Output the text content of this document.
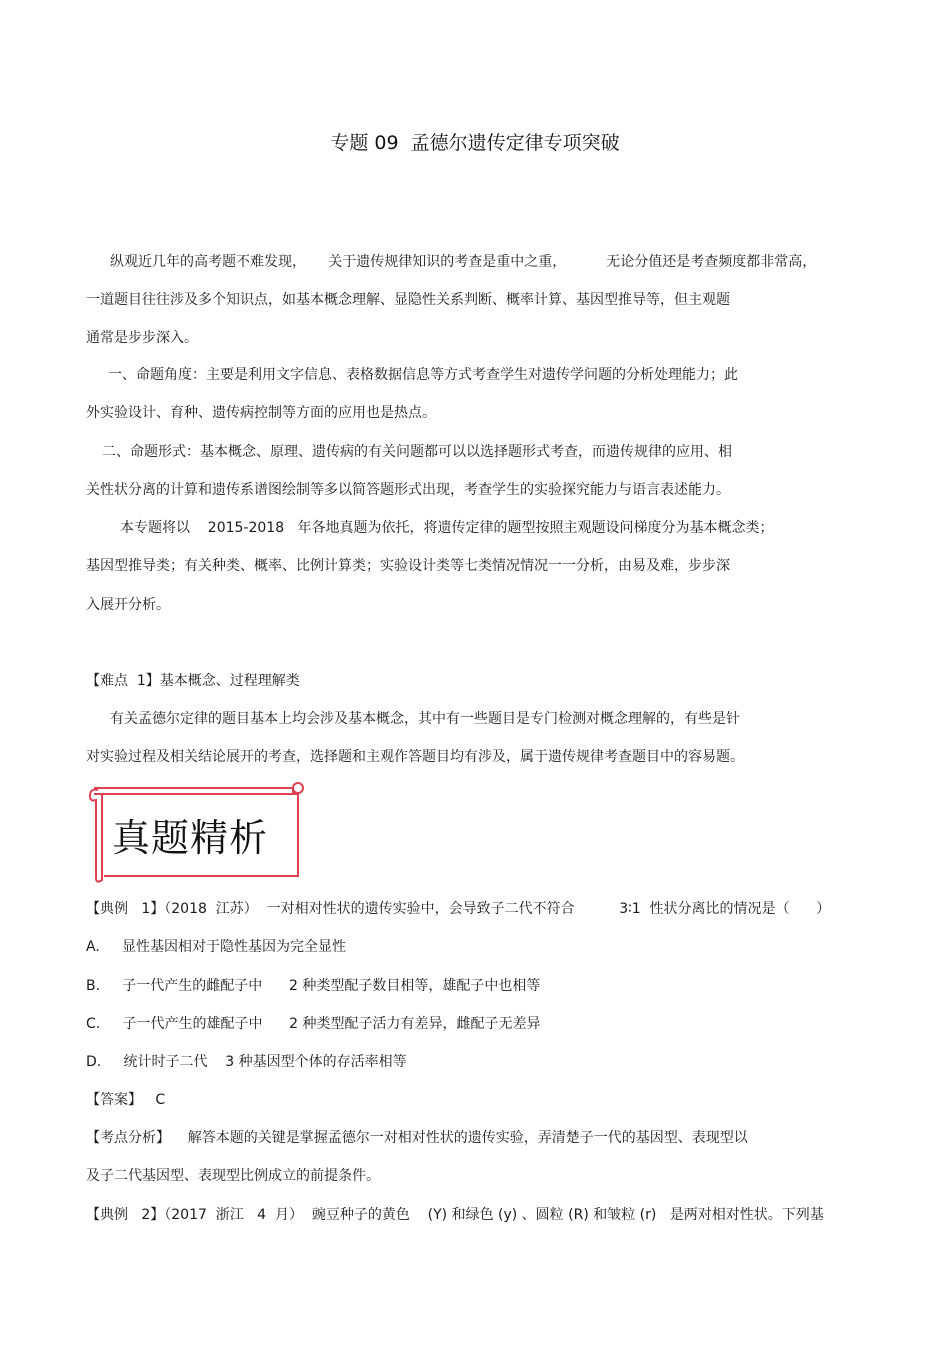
专题 09  孟德尔遗传定律专项突破
纵观近几年的高考题不难发现，     关于遗传规律知识的考查是重中之重，         无论分值还是考查频度都非常高，
一道题目往往涉及多个知识点，如基本概念理解、显隐性关系判断、概率计算、基因型推导等，但主观题
通常是步步深入。
一、命题角度：主要是利用文字信息、表格数据信息等方式考查学生对遗传学问题的分析处理能力；此
外实验设计、育种、遗传病控制等方面的应用也是热点。
二、命题形式：基本概念、原理、遗传病的有关问题都可以以选择题形式考查，而遗传规律的应用、相
关性状分离的计算和遗传系谱图绘制等多以简答题形式出现，考查学生的实验探究能力与语言表述能力。
本专题将以    2015-2018   年各地真题为依托，将遗传定律的题型按照主观题设问梯度分为基本概念类；
基因型推导类；有关种类、概率、比例计算类；实验设计类等七类情况情况一一分析，由易及难，步步深
入展开分析。
【难点  1】基本概念、过程理解类
有关孟德尔定律的题目基本上均会涉及基本概念，其中有一些题目是专门检测对概念理解的，有些是针
对实验过程及相关结论展开的考查，选择题和主观作答题目均有涉及，属于遗传规律考查题目中的容易题。
真题精析
【典例   1】（2018  江苏）  一对相对性状的遗传实验中，会导致子二代不符合          3∶1  性状分离比的情况是（      ）
A.     显性基因相对于隐性基因为完全显性
B.     子一代产生的雌配子中      2 种类型配子数目相等，雄配子中也相等
C.     子一代产生的雄配子中      2 种类型配子活力有差异，雌配子无差异
D.     统计时子二代    3 种基因型个体的存活率相等
【答案】   C
【考点分析】    解答本题的关键是掌握孟德尔一对相对性状的遗传实验，弄清楚子一代的基因型、表现型以
及子二代基因型、表现型比例成立的前提条件。
【典例   2】（2017  浙江   4  月）  豌豆种子的黄色    (Y) 和绿色 (y) 、圆粒 (R) 和皱粒 (r)   是两对相对性状。下列基
